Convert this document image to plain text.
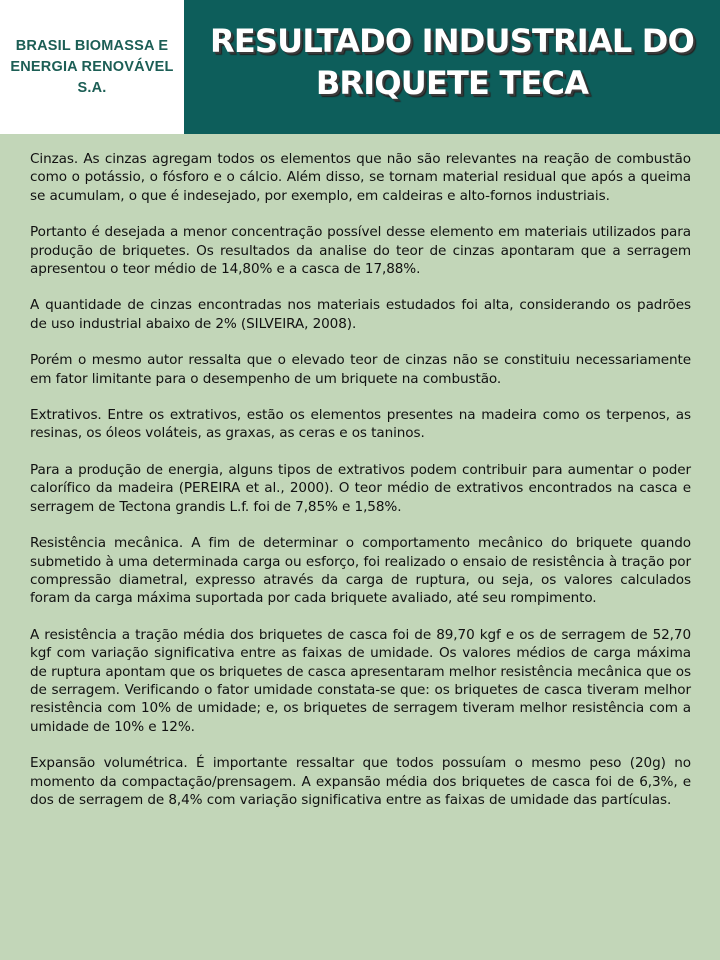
BRASIL BIOMASSA E ENERGIA RENOVÁVEL S.A.
RESULTADO INDUSTRIAL DO BRIQUETE TECA

Cinzas. As cinzas agregam todos os elementos que não são relevantes na reação de combustão como o potássio, o fósforo e o cálcio. Além disso, se tornam material residual que após a queima se acumulam, o que é indesejado, por exemplo, em caldeiras e alto-fornos industriais.

Portanto é desejada a menor concentração possível desse elemento em materiais utilizados para produção de briquetes. Os resultados da analise do teor de cinzas apontaram que a serragem apresentou o teor médio de 14,80% e a casca de 17,88%.

A quantidade de cinzas encontradas nos materiais estudados foi alta, considerando os padrões de uso industrial abaixo de 2% (SILVEIRA, 2008).

Porém o mesmo autor ressalta que o elevado teor de cinzas não se constituiu necessariamente em fator limitante para o desempenho de um briquete na combustão.

Extrativos. Entre os extrativos, estão os elementos presentes na madeira como os terpenos, as resinas, os óleos voláteis, as graxas, as ceras e os taninos.

Para a produção de energia, alguns tipos de extrativos podem contribuir para aumentar o poder calorífico da madeira (PEREIRA et al., 2000). O teor médio de extrativos encontrados na casca e serragem de Tectona grandis L.f. foi de 7,85% e 1,58%.

Resistência mecânica. A fim de determinar o comportamento mecânico do briquete quando submetido à uma determinada carga ou esforço, foi realizado o ensaio de resistência à tração por compressão diametral, expresso através da carga de ruptura, ou seja, os valores calculados foram da carga máxima suportada por cada briquete avaliado, até seu rompimento.

A resistência a tração média dos briquetes de casca foi de 89,70 kgf e os de serragem de 52,70 kgf com variação significativa entre as faixas de umidade. Os valores médios de carga máxima de ruptura apontam que os briquetes de casca apresentaram melhor resistência mecânica que os de serragem. Verificando o fator umidade constata-se que: os briquetes de casca tiveram melhor resistência com 10% de umidade; e, os briquetes de serragem tiveram melhor resistência com a umidade de 10% e 12%.

Expansão volumétrica. É importante ressaltar que todos possuíam o mesmo peso (20g) no momento da compactação/prensagem. A expansão média dos briquetes de casca foi de 6,3%, e dos de serragem de 8,4% com variação significativa entre as faixas de umidade das partículas.
